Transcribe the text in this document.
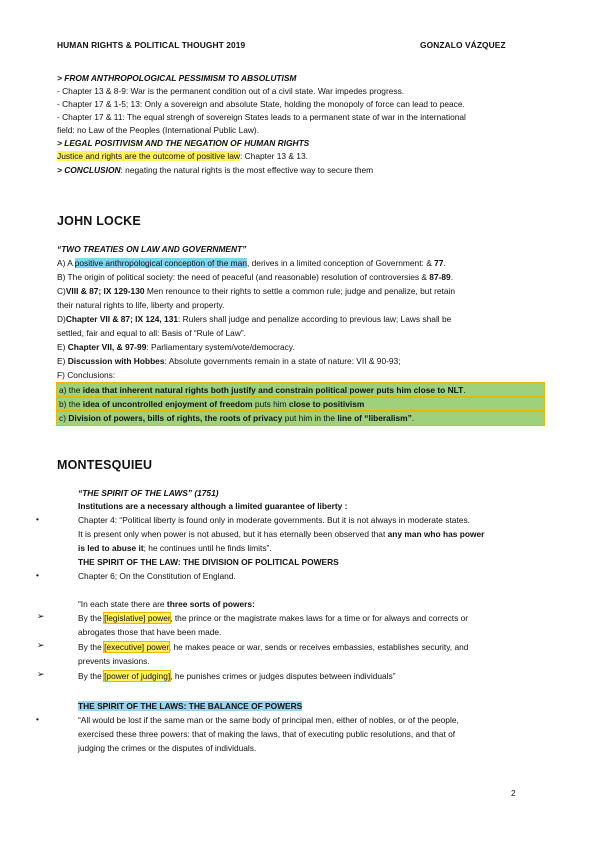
HUMAN RIGHTS & POLITICAL THOUGHT 2019	GONZALO VÁZQUEZ
> FROM ANTHROPOLOGICAL PESSIMISM TO ABSOLUTISM
- Chapter 13 & 8-9: War is the permanent condition out of a civil state. War impedes progress.
- Chapter 17 & 1-5; 13: Only a sovereign and absolute State, holding the monopoly of force can lead to peace.
- Chapter 17 & 11: The equal strengh of sovereign States leads to a permanent state of war in the international
field: no Law of the Peoples (International Public Law).
> LEGAL POSITIVISM AND THE NEGATION OF HUMAN RIGHTS
Justice and rights are the outcome of positive law: Chapter 13 & 13.
> CONCLUSION: negating the natural rights is the most effective way to secure them
JOHN LOCKE
“TWO TREATIES ON LAW AND GOVERNMENT”
A) A positive anthropological conception of the man, derives in a limited conception of Government: & 77.
B) The origin of political society: the need of peaceful (and reasonable) resolution of controversies & 87-89.
C)VIII & 87; IX 129-130 Men renounce to their rights to settle a common rule; judge and penalize, but retain
their natural rights to life, liberty and property.
D)Chapter VII & 87; IX 124, 131: Rulers shall judge and penalize according to previous law; Laws shall be
settled, fair and equal to all: Basis of “Rule of Law”.
E) Chapter VII, & 97-99: Parliamentary system/vote/democracy.
E) Discussion with Hobbes: Absolute governments remain in a state of nature: VII & 90-93;
F) Conclusions:
a) the idea that inherent natural rights both justify and constrain political power puts him close to NLT.
b) the idea of uncontrolled enjoyment of freedom puts him close to positivism
c) Division of powers, bills of rights, the roots of privacy put him in the line of “liberalism”.
MONTESQUIEU
“THE SPIRIT OF THE LAWS” (1751)
Institutions are a necessary although a limited guarantee of liberty :
•	Chapter 4: “Political liberty is found only in moderate governments. But it is not always in moderate states.
It is present only when power is not abused, but it has eternally been observed that any man who has power
is led to abuse it; he continues until he finds limits”.
THE SPIRIT OF THE LAW: THE DIVISION OF POLITICAL POWERS
•	Chapter 6; On the Constitution of England.
“In each state there are three sorts of powers:
➢	By the [legislative] power, the prince or the magistrate makes laws for a time or for always and corrects or
abrogates those that have been made.
➢	By the [executive] power, he makes peace or war, sends or receives embassies, establishes security, and
prevents invasions.
➢	By the [power of judging], he punishes crimes or judges disputes between individuals”
THE SPIRIT OF THE LAWS: THE BALANCE OF POWERS
•	“All would be lost if the same man or the same body of principal men, either of nobles, or of the people,
exercised these three powers: that of making the laws, that of executing public resolutions, and that of
judging the crimes or the disputes of individuals.
2
